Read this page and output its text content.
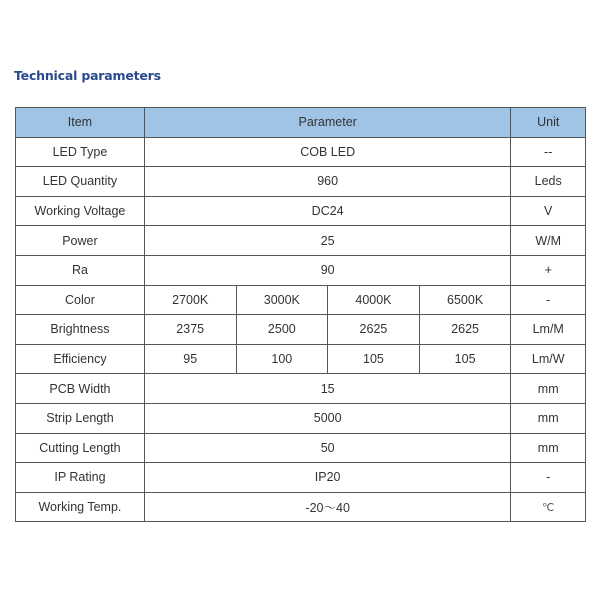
Technical parameters
Item	Parameter				Unit
LED Type	COB LED				--
LED Quantity	960				Leds
Working Voltage	DC24				V
Power	25				W/M
Ra	90				+
Color	2700K	3000K	4000K	6500K	-
Brightness	2375	2500	2625	2625	Lm/M
Efficiency	95	100	105	105	Lm/W
PCB Width	15				mm
Strip Length	5000				mm
Cutting Length	50				mm
IP Rating	IP20				-
Working Temp.	-20～40				℃
